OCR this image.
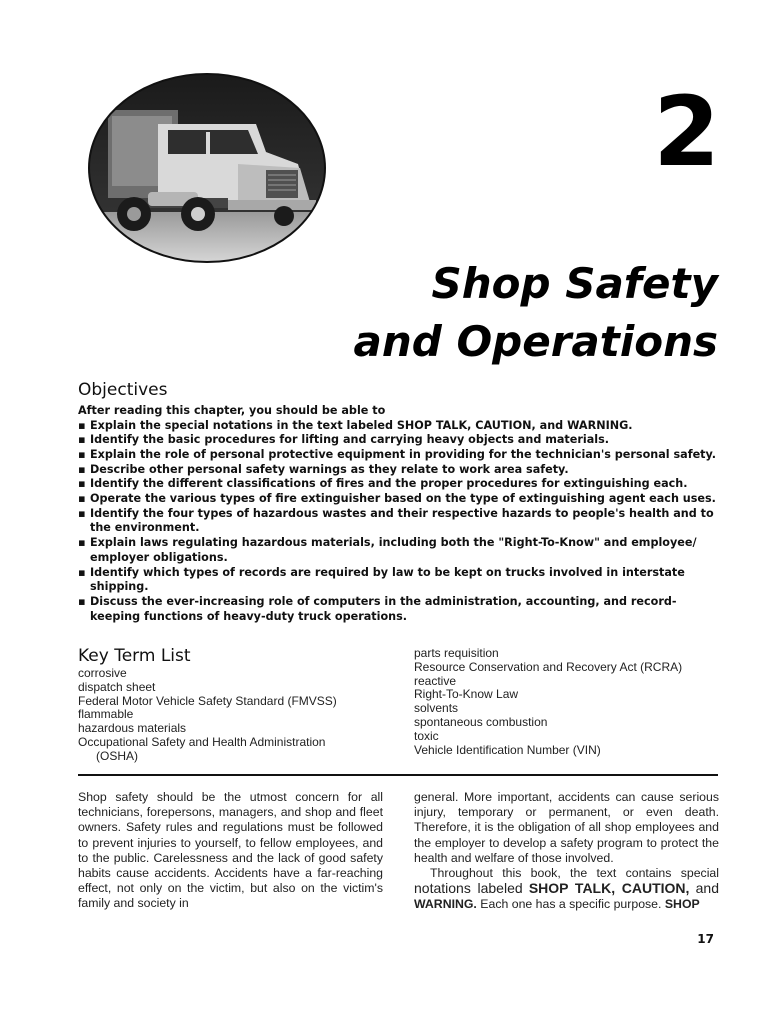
2
Shop Safety
and Operations
Objectives

After reading this chapter, you should be able to

▪ Explain the special notations in the text labeled SHOP TALK, CAUTION, and WARNING.
▪ Identify the basic procedures for lifting and carrying heavy objects and materials.
▪ Explain the role of personal protective equipment in providing for the technician's personal safety.
▪ Describe other personal safety warnings as they relate to work area safety.
▪ Identify the different classifications of fires and the proper procedures for extinguishing each.
▪ Operate the various types of fire extinguisher based on the type of extinguishing agent each uses.
▪ Identify the four types of hazardous wastes and their respective hazards to people's health and to the environment.
▪ Explain laws regulating hazardous materials, including both the "Right-To-Know" and employee/ employer obligations.
▪ Identify which types of records are required by law to be kept on trucks involved in interstate shipping.
▪ Discuss the ever-increasing role of computers in the administration, accounting, and record-keeping functions of heavy-duty truck operations.
Key Term List
corrosive
dispatch sheet
Federal Motor Vehicle Safety Standard (FMVSS)
flammable
hazardous materials
Occupational Safety and Health Administration
(OSHA)
parts requisition
Resource Conservation and Recovery Act (RCRA)
reactive
Right-To-Know Law
solvents
spontaneous combustion
toxic
Vehicle Identification Number (VIN)

Shop safety should be the utmost concern for all technicians, forepersons, managers, and shop and fleet owners. Safety rules and regulations must be followed to prevent injuries to yourself, to fellow employees, and to the public. Carelessness and the lack of good safety habits cause accidents. Accidents have a far-reaching effect, not only on the victim, but also on the victim's family and society in

general. More important, accidents can cause serious injury, temporary or permanent, or even death. Therefore, it is the obligation of all shop employees and the employer to develop a safety program to protect the health and welfare of those involved.

Throughout this book, the text contains special notations labeled SHOP TALK, CAUTION, and WARNING. Each one has a specific purpose. SHOP

17
